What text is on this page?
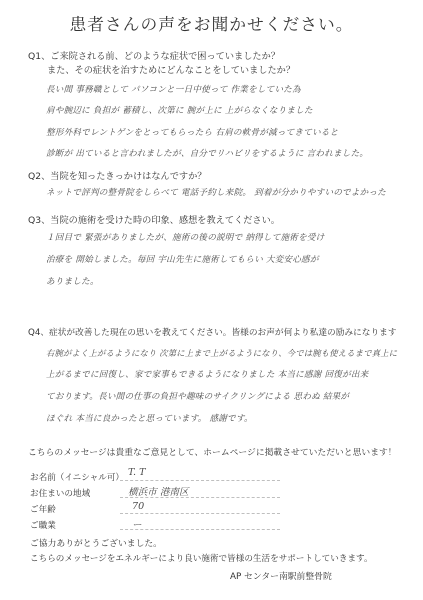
患者さんの声をお聞かせください。
Q1、ご来院される前、どのような症状で困っていましたか？
また、その症状を治すためにどんなことをしていましたか？
長い間 事務職として パソコンと一日中使って 作業をしていた為
肩や腕辺に 負担が 蓄積し、次第に 腕が上に 上がらなくなりました
整形外科でレントゲンをとってもらったら 右肩の軟骨が減ってきていると
診断が 出ていると言われましたが、自分でリハビリをするように 言われました。
Q2、当院を知ったきっかけはなんですか？
ネットで評判の整骨院をしらべて 電話予約し来院。 到着が分かりやすいのでよかった
Q3、当院の施術を受けた時の印象、感想を教えてください。
１回目で 緊張がありましたが、施術の後の説明で 納得して施術を受け
治療を 開始しました。毎回 宇山先生に施術してもらい 大変安心感が
ありました。
Q4、症状が改善した現在の思いを教えてください。皆様のお声が何より私達の励みになります
右腕がよく上がるようになり 次第に上まで上がるようになり、今では腕も使えるまで真上に
上がるまでに回復し、家で家事もできるようになりました 本当に感謝 回復が出来
ております。長い間の仕事の負担や趣味のサイクリングによる 思わぬ 結果が
ほぐれ 本当に良かったと思っています。 感謝です。
こちらのメッセージは貴重なご意見として、ホームページに掲載させていただいと思います！
お名前（イニシャル可） T. T
お住まいの地域	横浜市 港南区
ご年齢	70
ご職業	ー
ご協力ありがとうございました。
こちらのメッセージをエネルギーにより良い施術で皆様の生活をサポートしていきます。
AP センター南駅前整骨院
